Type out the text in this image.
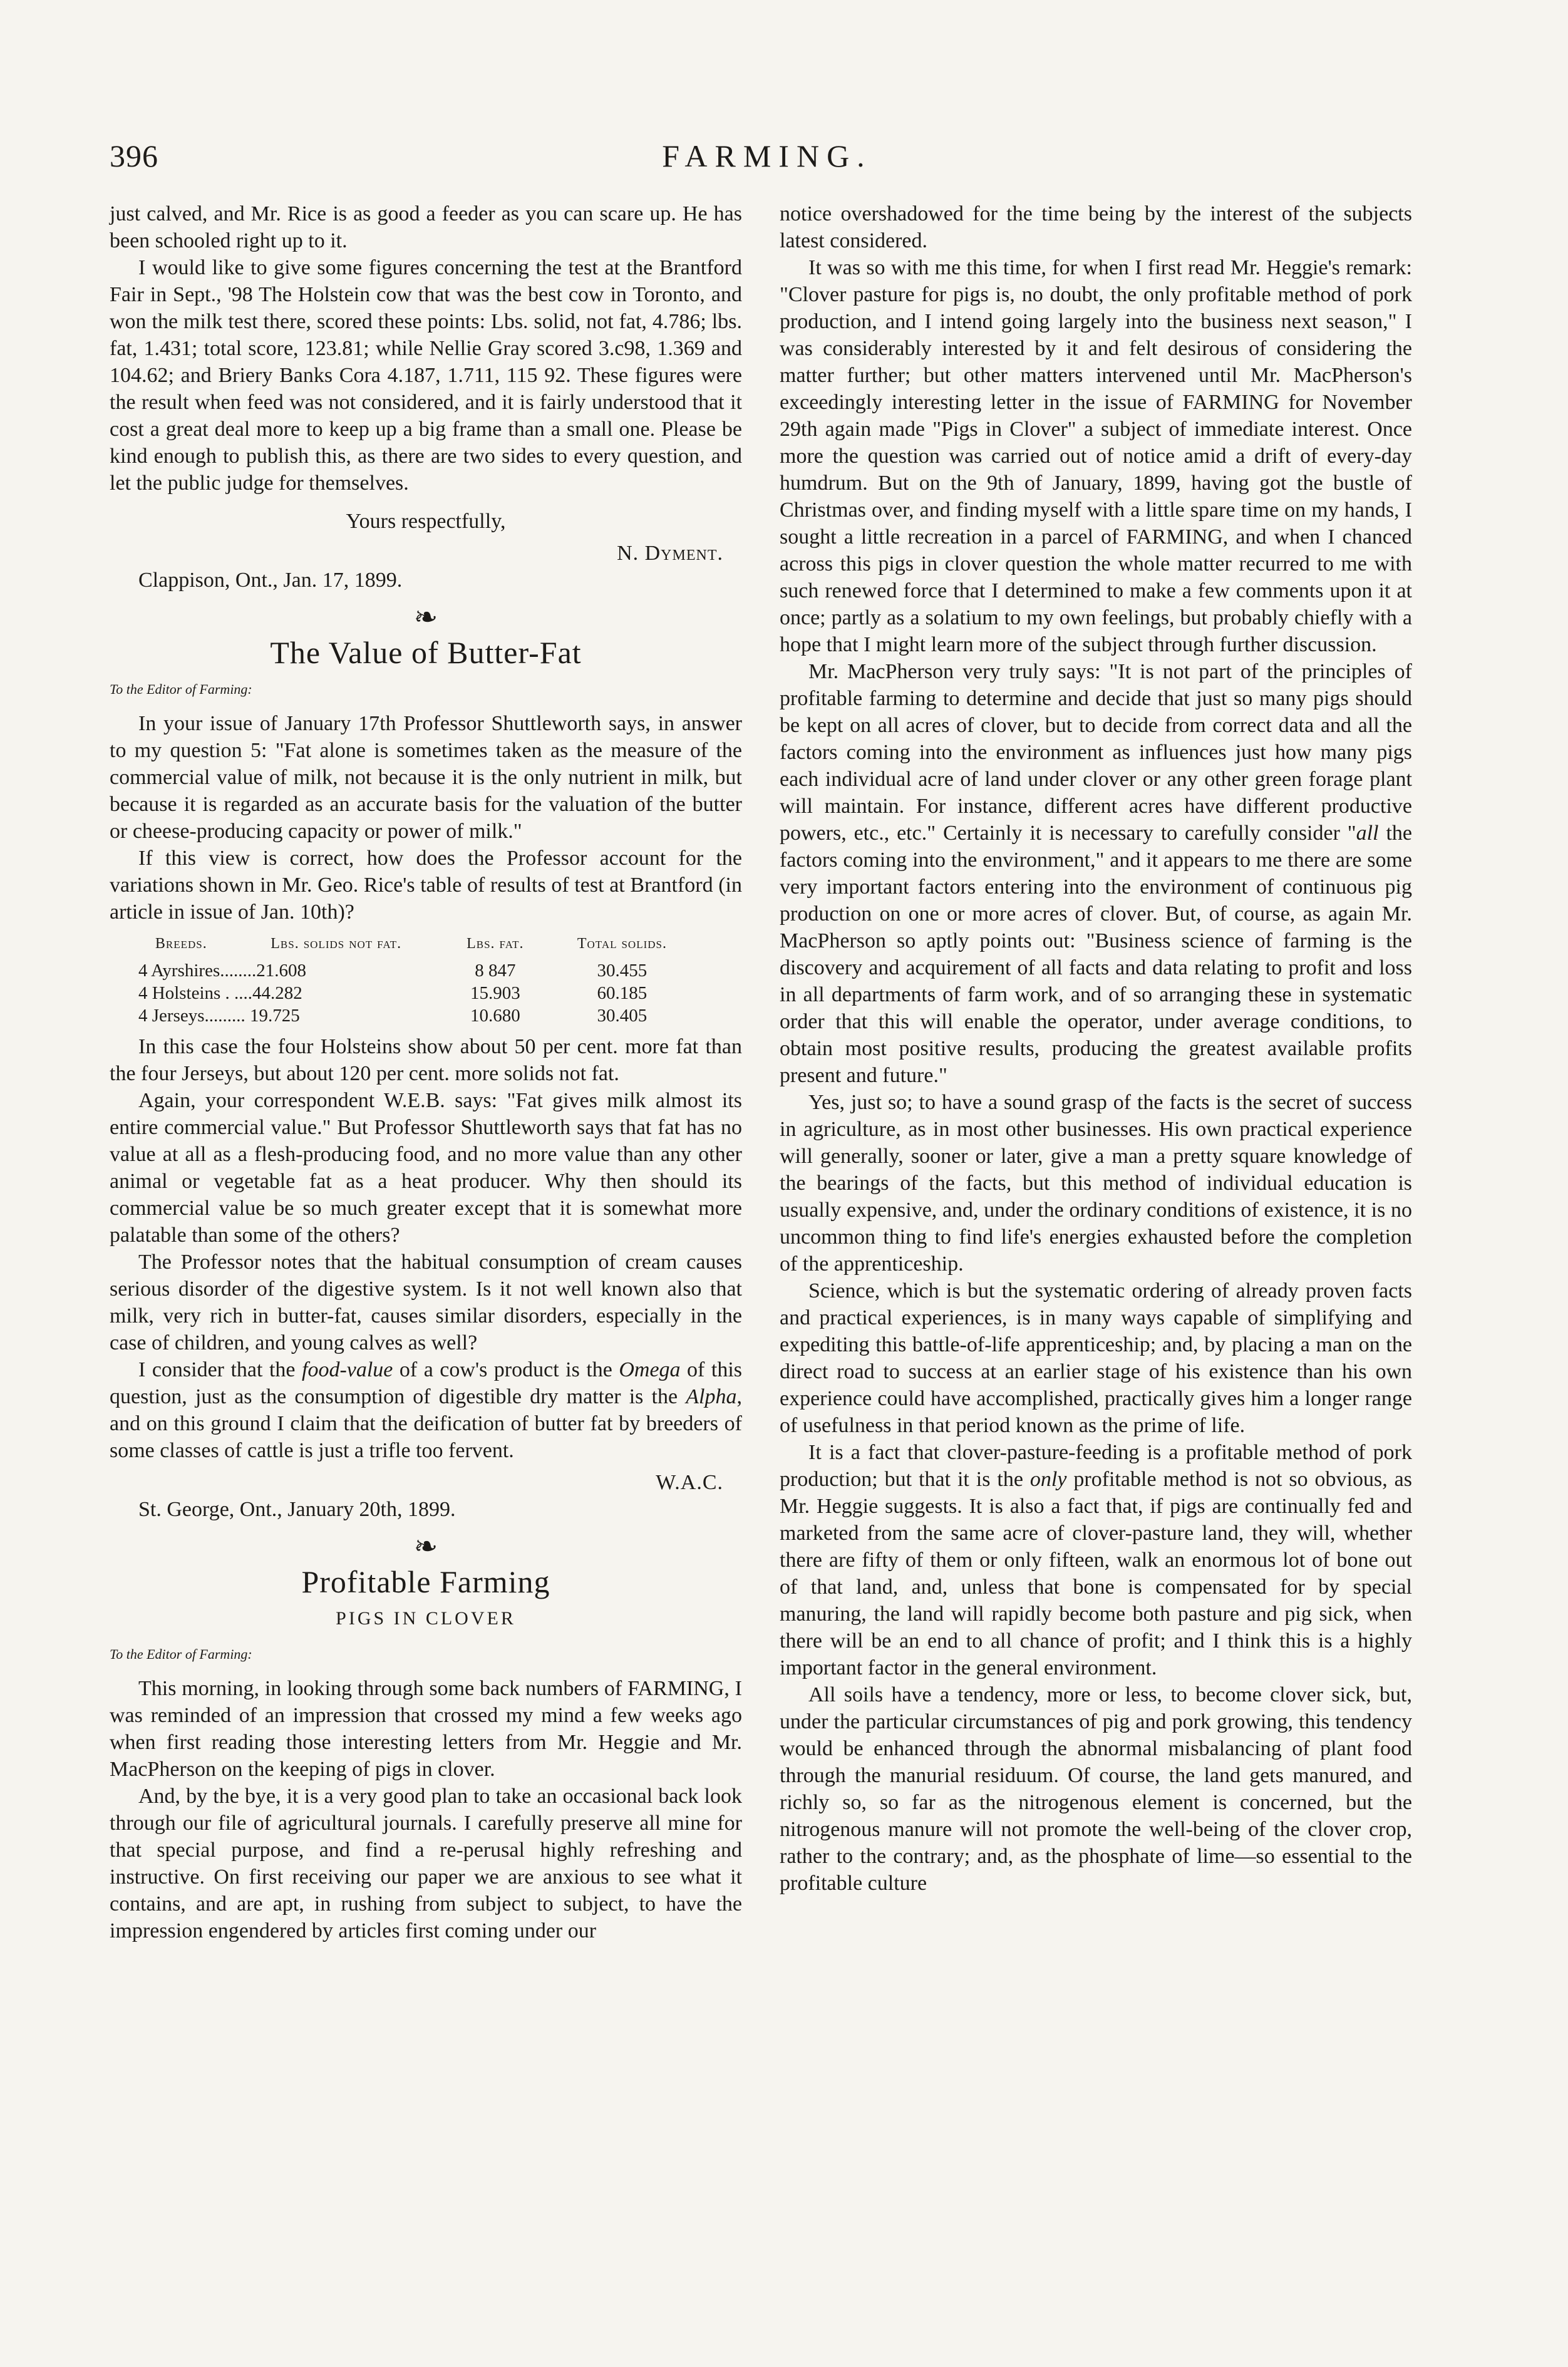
396	FARMING.

just calved, and Mr. Rice is as good a feeder as you can scare up. He has been schooled right up to it.

I would like to give some figures concerning the test at the Brantford Fair in Sept., '98 The Holstein cow that was the best cow in Toronto, and won the milk test there, scored these points: Lbs. solid, not fat, 4.786; lbs. fat, 1.431; total score, 123.81; while Nellie Gray scored 3.c98, 1.369 and 104.62; and Briery Banks Cora 4.187, 1.711, 115 92. These figures were the result when feed was not considered, and it is fairly understood that it cost a great deal more to keep up a big frame than a small one. Please be kind enough to publish this, as there are two sides to every question, and let the public judge for themselves.

Yours respectfully,

N. Dyment.

Clappison, Ont., Jan. 17, 1899.

❧
The Value of Butter-Fat

To the Editor of Farming:

In your issue of January 17th Professor Shuttleworth says, in answer to my question 5: "Fat alone is sometimes taken as the measure of the commercial value of milk, not because it is the only nutrient in milk, but because it is regarded as an accurate basis for the valuation of the butter or cheese-producing capacity or power of milk."

If this view is correct, how does the Professor account for the variations shown in Mr. Geo. Rice's table of results of test at Brantford (in article in issue of Jan. 10th)?

Breeds.	Lbs. solids not fat.	Lbs. fat.	Total solids.
4 Ayrshires........21.608		8 847	30.455
4 Holsteins . ....44.282		15.903	60.185
4 Jerseys......... 19.725		10.680	30.405

In this case the four Holsteins show about 50 per cent. more fat than the four Jerseys, but about 120 per cent. more solids not fat.

Again, your correspondent W.E.B. says: "Fat gives milk almost its entire commercial value." But Professor Shuttleworth says that fat has no value at all as a flesh-producing food, and no more value than any other animal or vegetable fat as a heat producer. Why then should its commercial value be so much greater except that it is somewhat more palatable than some of the others?

The Professor notes that the habitual consumption of cream causes serious disorder of the digestive system. Is it not well known also that milk, very rich in butter-fat, causes similar disorders, especially in the case of children, and young calves as well?

I consider that the food-value of a cow's product is the Omega of this question, just as the consumption of digestible dry matter is the Alpha, and on this ground I claim that the deification of butter fat by breeders of some classes of cattle is just a trifle too fervent.

W.A.C.

St. George, Ont., January 20th, 1899.

❧
Profitable Farming
PIGS IN CLOVER

To the Editor of Farming:

This morning, in looking through some back numbers of FARMING, I was reminded of an impression that crossed my mind a few weeks ago when first reading those interesting letters from Mr. Heggie and Mr. MacPherson on the keeping of pigs in clover.

And, by the bye, it is a very good plan to take an occasional back look through our file of agricultural journals. I carefully preserve all mine for that special purpose, and find a re-perusal highly refreshing and instructive. On first receiving our paper we are anxious to see what it contains, and are apt, in rushing from subject to subject, to have the impression engendered by articles first coming under our

notice overshadowed for the time being by the interest of the subjects latest considered.

It was so with me this time, for when I first read Mr. Heggie's remark: "Clover pasture for pigs is, no doubt, the only profitable method of pork production, and I intend going largely into the business next season," I was considerably interested by it and felt desirous of considering the matter further; but other matters intervened until Mr. MacPherson's exceedingly interesting letter in the issue of FARMING for November 29th again made "Pigs in Clover" a subject of immediate interest. Once more the question was carried out of notice amid a drift of every-day humdrum. But on the 9th of January, 1899, having got the bustle of Christmas over, and finding myself with a little spare time on my hands, I sought a little recreation in a parcel of FARMING, and when I chanced across this pigs in clover question the whole matter recurred to me with such renewed force that I determined to make a few comments upon it at once; partly as a solatium to my own feelings, but probably chiefly with a hope that I might learn more of the subject through further discussion.

Mr. MacPherson very truly says: "It is not part of the principles of profitable farming to determine and decide that just so many pigs should be kept on all acres of clover, but to decide from correct data and all the factors coming into the environment as influences just how many pigs each individual acre of land under clover or any other green forage plant will maintain. For instance, different acres have different productive powers, etc., etc." Certainly it is necessary to carefully consider "all the factors coming into the environment," and it appears to me there are some very important factors entering into the environment of continuous pig production on one or more acres of clover. But, of course, as again Mr. MacPherson so aptly points out: "Business science of farming is the discovery and acquirement of all facts and data relating to profit and loss in all departments of farm work, and of so arranging these in systematic order that this will enable the operator, under average conditions, to obtain most positive results, producing the greatest available profits present and future."

Yes, just so; to have a sound grasp of the facts is the secret of success in agriculture, as in most other businesses. His own practical experience will generally, sooner or later, give a man a pretty square knowledge of the bearings of the facts, but this method of individual education is usually expensive, and, under the ordinary conditions of existence, it is no uncommon thing to find life's energies exhausted before the completion of the apprenticeship.

Science, which is but the systematic ordering of already proven facts and practical experiences, is in many ways capable of simplifying and expediting this battle-of-life apprenticeship; and, by placing a man on the direct road to success at an earlier stage of his existence than his own experience could have accomplished, practically gives him a longer range of usefulness in that period known as the prime of life.

It is a fact that clover-pasture-feeding is a profitable method of pork production; but that it is the only profitable method is not so obvious, as Mr. Heggie suggests. It is also a fact that, if pigs are continually fed and marketed from the same acre of clover-pasture land, they will, whether there are fifty of them or only fifteen, walk an enormous lot of bone out of that land, and, unless that bone is compensated for by special manuring, the land will rapidly become both pasture and pig sick, when there will be an end to all chance of profit; and I think this is a highly important factor in the general environment.

All soils have a tendency, more or less, to become clover sick, but, under the particular circumstances of pig and pork growing, this tendency would be enhanced through the abnormal misbalancing of plant food through the manurial residuum. Of course, the land gets manured, and richly so, so far as the nitrogenous element is concerned, but the nitrogenous manure will not promote the well-being of the clover crop, rather to the contrary; and, as the phosphate of lime—so essential to the profitable culture
